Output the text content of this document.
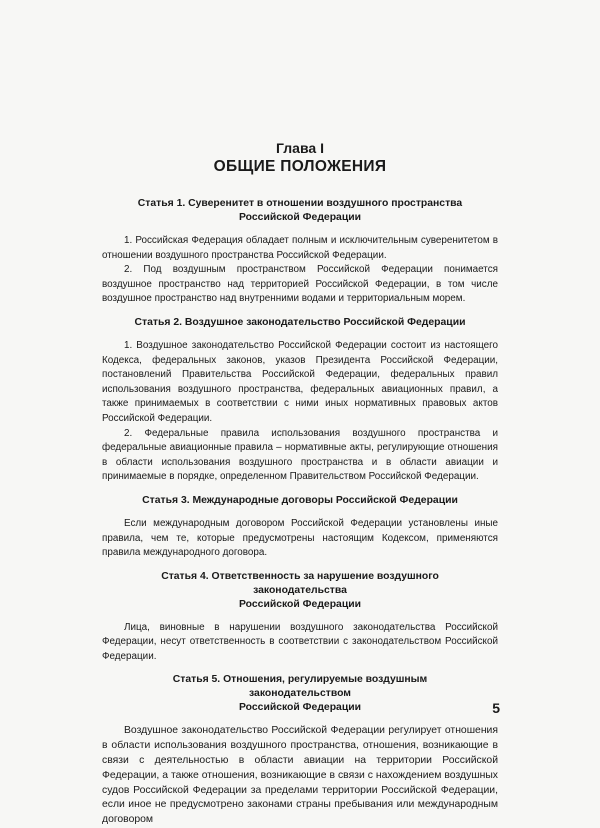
Глава I

ОБЩИЕ ПОЛОЖЕНИЯ

Статья 1. Суверенитет в отношении воздушного пространства
Российской Федерации

1. Российская Федерация обладает полным и исключительным суверенитетом в отношении воздушного пространства Российской Федерации.

2. Под воздушным пространством Российской Федерации понимается воздушное пространство над территорией Российской Федерации, в том числе воздушное пространство над внутренними водами и территориальным морем.

Статья 2. Воздушное законодательство Российской Федерации

1. Воздушное законодательство Российской Федерации состоит из настоящего Кодекса, федеральных законов, указов Президента Российской Федерации, постановлений Правительства Российской Федерации, федеральных правил использования воздушного пространства, федеральных авиационных правил, а также принимаемых в соответствии с ними иных нормативных правовых актов Российской Федерации.

2. Федеральные правила использования воздушного пространства и федеральные авиационные правила – нормативные акты, регулирующие отношения в области использования воздушного пространства и в области авиации и принимаемые в порядке, определенном Правительством Российской Федерации.

Статья 3. Международные договоры Российской Федерации

Если международным договором Российской Федерации установлены иные правила, чем те, которые предусмотрены настоящим Кодексом, применяются правила международного договора.

Статья 4. Ответственность за нарушение воздушного законодательства
Российской Федерации

Лица, виновные в нарушении воздушного законодательства Российской Федерации, несут ответственность в соответствии с законодательством Российской Федерации.

Статья 5. Отношения, регулируемые воздушным законодательством
Российской Федерации

Воздушное законодательство Российской Федерации регулирует отношения в области использования воздушного пространства, отношения, возникающие в связи с деятельностью в области авиации на территории Российской Федерации, а также отношения, возникающие в связи с нахождением воздушных судов Российской Федерации за пределами территории Российской Федерации, если иное не предусмотрено законами страны пребывания или международным договором

5
